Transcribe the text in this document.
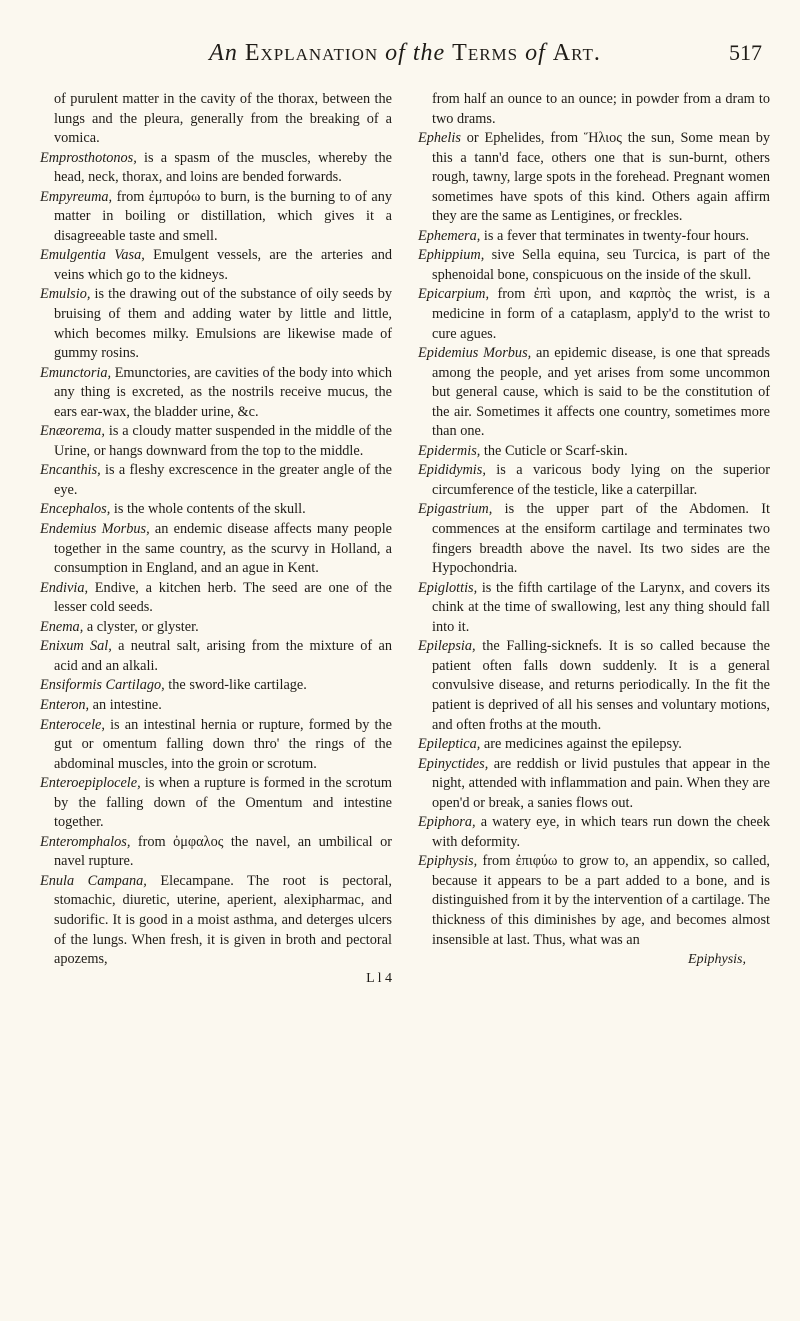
An Explanation of the Terms of Art.	517

of purulent matter in the cavity of the thorax, between the lungs and the pleura, generally from the breaking of a vomica.

Emprosthotonos, is a spasm of the muscles, whereby the head, neck, thorax, and loins are bended forwards.

Empyreuma, from ἐμπυρόω to burn, is the burning to of any matter in boiling or distillation, which gives it a disagreeable taste and smell.

Emulgentia Vasa, Emulgent vessels, are the arteries and veins which go to the kidneys.

Emulsio, is the drawing out of the substance of oily seeds by bruising of them and adding water by little and little, which becomes milky. Emulsions are likewise made of gummy rosins.

Emunctoria, Emunctories, are cavities of the body into which any thing is excreted, as the nostrils receive mucus, the ears ear-wax, the bladder urine, &c.

Enæorema, is a cloudy matter suspended in the middle of the Urine, or hangs downward from the top to the middle.

Encanthis, is a fleshy excrescence in the greater angle of the eye.

Encephalos, is the whole contents of the skull.

Endemius Morbus, an endemic disease affects many people together in the same country, as the scurvy in Holland, a consumption in England, and an ague in Kent.

Endivia, Endive, a kitchen herb. The seed are one of the lesser cold seeds.

Enema, a clyster, or glyster.

Enixum Sal, a neutral salt, arising from the mixture of an acid and an alkali.

Ensiformis Cartilago, the sword-like cartilage.

Enteron, an intestine.

Enterocele, is an intestinal hernia or rupture, formed by the gut or omentum falling down thro' the rings of the abdominal muscles, into the groin or scrotum.

Enteroepiplocele, is when a rupture is formed in the scrotum by the falling down of the Omentum and intestine together.

Enteromphalos, from ὀμφαλος the navel, an umbilical or navel rupture.

Enula Campana, Elecampane. The root is pectoral, stomachic, diuretic, uterine, aperient, alexipharmac, and sudorific. It is good in a moist asthma, and deterges ulcers of the lungs. When fresh, it is given in broth and pectoral apozems,

L l 4

from half an ounce to an ounce; in powder from a dram to two drams.

Ephelis or Ephelides, from Ἥλιος the sun, Some mean by this a tann'd face, others one that is sun-burnt, others rough, tawny, large spots in the forehead. Pregnant women sometimes have spots of this kind. Others again affirm they are the same as Lentigines, or freckles.

Ephemera, is a fever that terminates in twenty-four hours.

Ephippium, sive Sella equina, seu Turcica, is part of the sphenoidal bone, conspicuous on the inside of the skull.

Epicarpium, from ἐπὶ upon, and καρπὸς the wrist, is a medicine in form of a cataplasm, apply'd to the wrist to cure agues.

Epidemius Morbus, an epidemic disease, is one that spreads among the people, and yet arises from some uncommon but general cause, which is said to be the constitution of the air. Sometimes it affects one country, sometimes more than one.

Epidermis, the Cuticle or Scarf-skin.

Epididymis, is a varicous body lying on the superior circumference of the testicle, like a caterpillar.

Epigastrium, is the upper part of the Abdomen. It commences at the ensiform cartilage and terminates two fingers breadth above the navel. Its two sides are the Hypochondria.

Epiglottis, is the fifth cartilage of the Larynx, and covers its chink at the time of swallowing, lest any thing should fall into it.

Epilepsia, the Falling-sicknefs. It is so called because the patient often falls down suddenly. It is a general convulsive disease, and returns periodically. In the fit the patient is deprived of all his senses and voluntary motions, and often froths at the mouth.

Epileptica, are medicines against the epilepsy.

Epinyctides, are reddish or livid pustules that appear in the night, attended with inflammation and pain. When they are open'd or break, a sanies flows out.

Epiphora, a watery eye, in which tears run down the cheek with deformity.

Epiphysis, from ἐπιφύω to grow to, an appendix, so called, because it appears to be a part added to a bone, and is distinguished from it by the intervention of a cartilage. The thickness of this diminishes by age, and becomes almost insensible at last. Thus, what was an

Epiphysis,
